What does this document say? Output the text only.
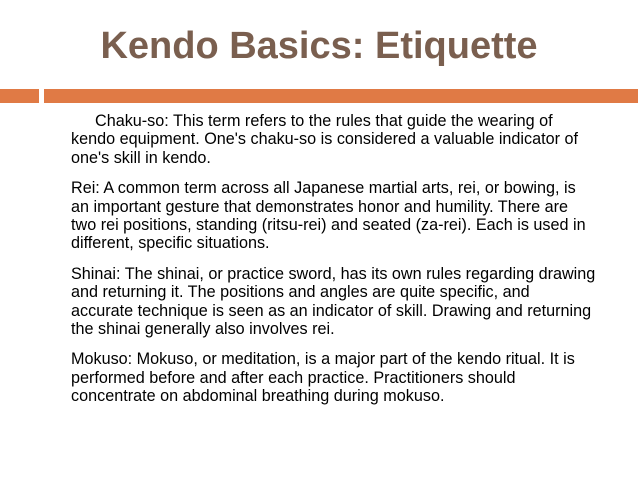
Kendo Basics: Etiquette

Chaku-so: This term refers to the rules that guide the wearing of kendo equipment. One's chaku-so is considered a valuable indicator of one's skill in kendo.

Rei: A common term across all Japanese martial arts, rei, or bowing, is an important gesture that demonstrates honor and humility. There are two rei positions, standing (ritsu-rei) and seated (za-rei). Each is used in different, specific situations.

Shinai: The shinai, or practice sword, has its own rules regarding drawing and returning it. The positions and angles are quite specific, and accurate technique is seen as an indicator of skill. Drawing and returning the shinai generally also involves rei.

Mokuso: Mokuso, or meditation, is a major part of the kendo ritual. It is performed before and after each practice. Practitioners should concentrate on abdominal breathing during mokuso.
